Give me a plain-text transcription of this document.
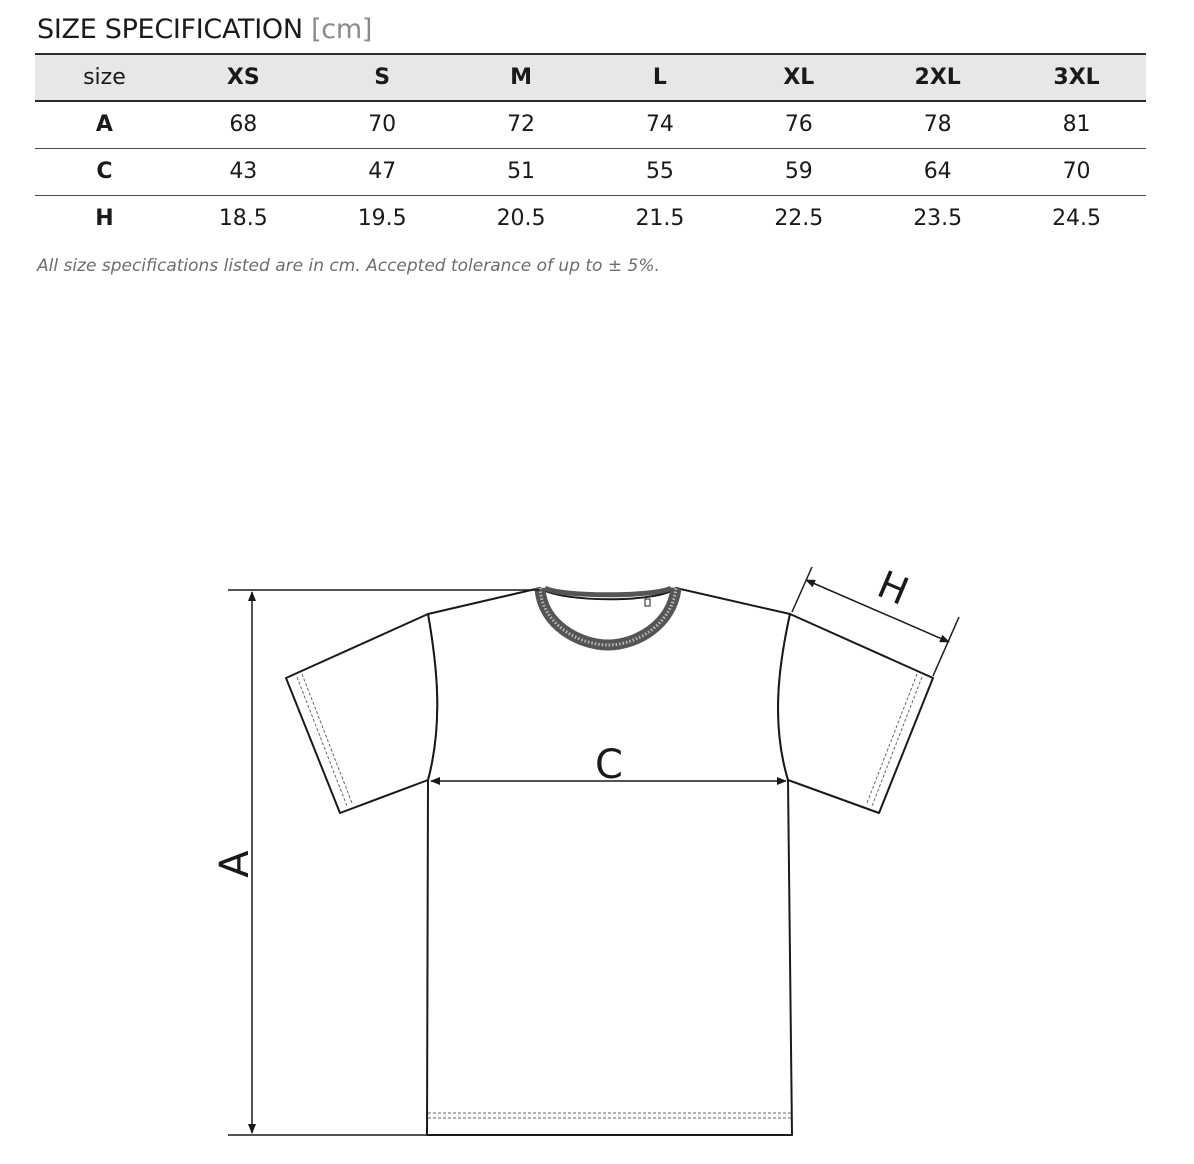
SIZE SPECIFICATION [cm]
size	XS	S	M	L	XL	2XL	3XL
A	68	70	72	74	76	78	81
C	43	47	51	55	59	64	70
H	18.5	19.5	20.5	21.5	22.5	23.5	24.5

All size specifications listed are in cm. Accepted tolerance of up to ± 5%.

A
C
H
